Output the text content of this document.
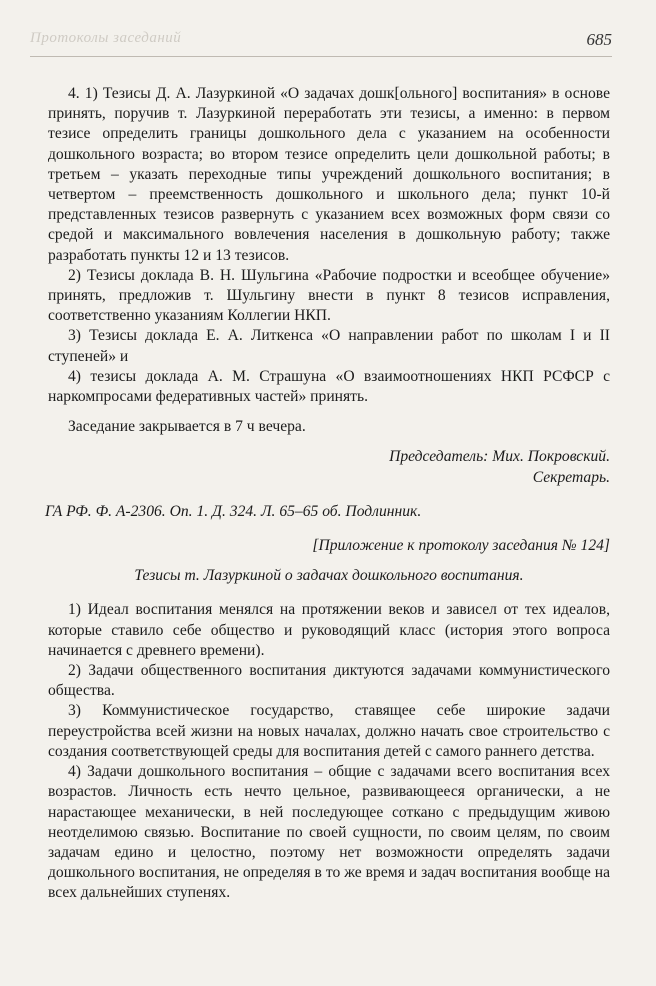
Протоколы заседаний	685

4. 1) Тезисы Д. А. Лазуркиной «О задачах дошк[ольного] воспитания» в основе принять, поручив т. Лазуркиной переработать эти тезисы, а именно: в первом тезисе определить границы дошкольного дела с указанием на особенности дошкольного возраста; во втором тезисе определить цели дошкольной работы; в третьем – указать переходные типы учреждений дошкольного воспитания; в четвертом – преемственность дошкольного и школьного дела; пункт 10-й представленных тезисов развернуть с указанием всех возможных форм связи со средой и максимального вовлечения населения в дошкольную работу; также разработать пункты 12 и 13 тезисов.

2) Тезисы доклада В. Н. Шульгина «Рабочие подростки и всеобщее обучение» принять, предложив т. Шульгину внести в пункт 8 тезисов исправления, соответственно указаниям Коллегии НКП.

3) Тезисы доклада Е. А. Литкенса «О направлении работ по школам I и II ступеней» и

4) тезисы доклада А. М. Страшуна «О взаимоотношениях НКП РСФСР с наркомпросами федеративных частей» принять.

Заседание закрывается в 7 ч вечера.

Председатель: Мих. Покровский.

Секретарь.

ГА РФ. Ф. А-2306. Оп. 1. Д. 324. Л. 65–65 об. Подлинник.

[Приложение к протоколу заседания № 124]

Тезисы т. Лазуркиной о задачах дошкольного воспитания.

1) Идеал воспитания менялся на протяжении веков и зависел от тех идеалов, которые ставило себе общество и руководящий класс (история этого вопроса начинается с древнего времени).

2) Задачи общественного воспитания диктуются задачами коммунистического общества.

3) Коммунистическое государство, ставящее себе широкие задачи переустройства всей жизни на новых началах, должно начать свое строительство с создания соответствующей среды для воспитания детей с самого раннего детства.

4) Задачи дошкольного воспитания – общие с задачами всего воспитания всех возрастов. Личность есть нечто цельное, развивающееся органически, а не нарастающее механически, в ней последующее соткано с предыдущим живою неотделимою связью. Воспитание по своей сущности, по своим целям, по своим задачам едино и целостно, поэтому нет возможности определять задачи дошкольного воспитания, не определяя в то же время и задач воспитания вообще на всех дальнейших ступенях.
